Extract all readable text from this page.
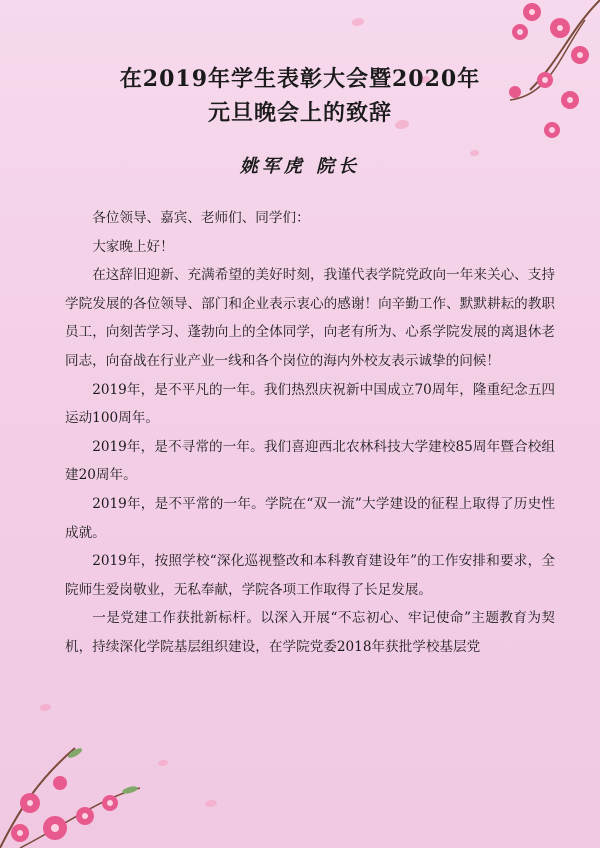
在2019年学生表彰大会暨2020年
元旦晚会上的致辞
姚军虎 院长

各位领导、嘉宾、老师们、同学们：

大家晚上好！

在这辞旧迎新、充满希望的美好时刻，我谨代表学院党政向一年来关心、支持学院发展的各位领导、部门和企业表示衷心的感谢！向辛勤工作、默默耕耘的教职员工，向刻苦学习、蓬勃向上的全体同学，向老有所为、心系学院发展的离退休老同志，向奋战在行业产业一线和各个岗位的海内外校友表示诚挚的问候！

2019年，是不平凡的一年。我们热烈庆祝新中国成立70周年，隆重纪念五四运动100周年。

2019年，是不寻常的一年。我们喜迎西北农林科技大学建校85周年暨合校组建20周年。

2019年，是不平常的一年。学院在“双一流”大学建设的征程上取得了历史性成就。

2019年，按照学校“深化巡视整改和本科教育建设年”的工作安排和要求，全院师生爱岗敬业，无私奉献，学院各项工作取得了长足发展。

一是党建工作获批新标杆。以深入开展“不忘初心、牢记使命”主题教育为契机，持续深化学院基层组织建设，在学院党委2018年获批学校基层党
